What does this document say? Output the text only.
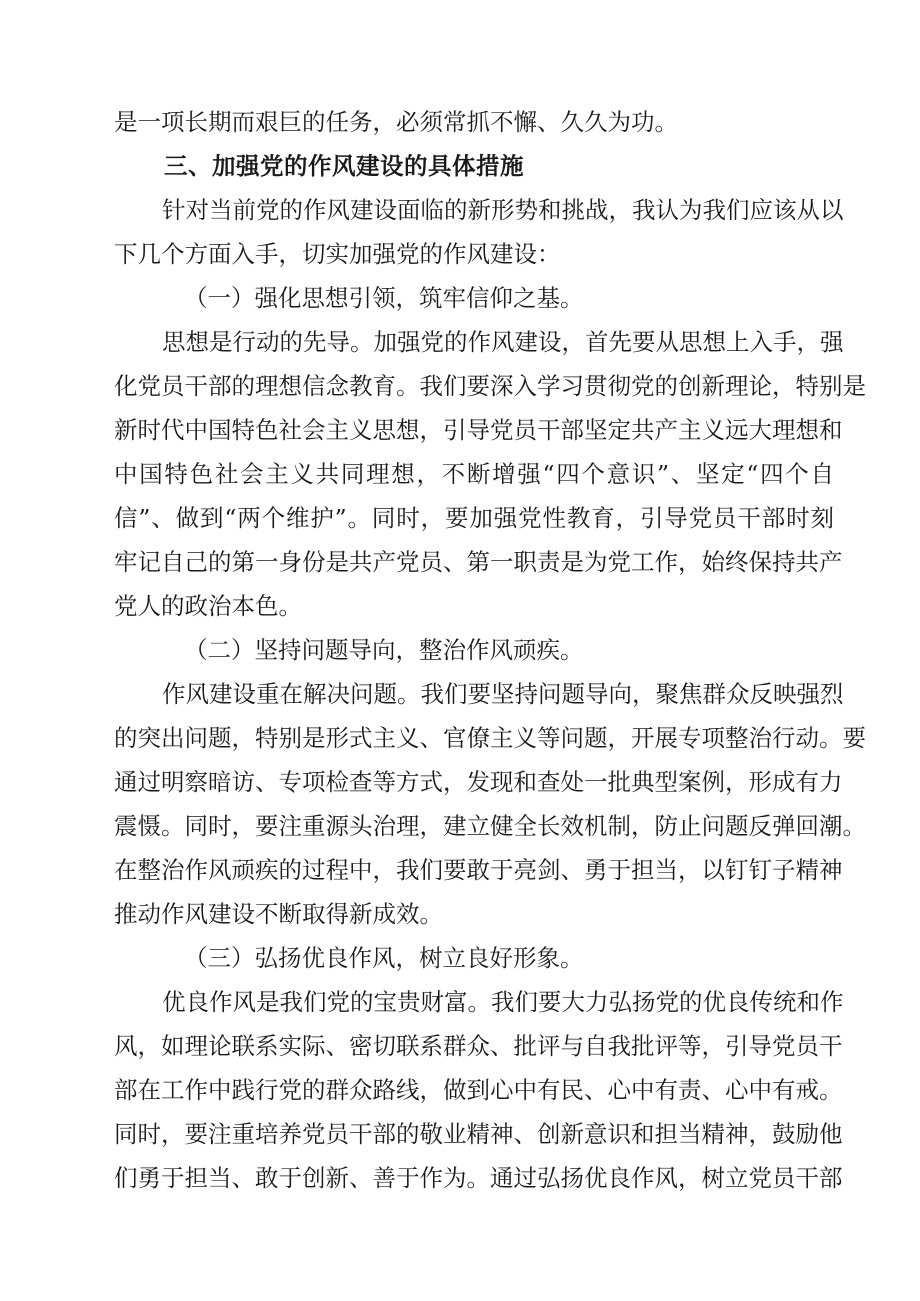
是一项长期而艰巨的任务，必须常抓不懈、久久为功。
三、加强党的作风建设的具体措施
针对当前党的作风建设面临的新形势和挑战，我认为我们应该从以
下几个方面入手，切实加强党的作风建设：
（一）强化思想引领，筑牢信仰之基。
思想是行动的先导。加强党的作风建设，首先要从思想上入手，强
化党员干部的理想信念教育。我们要深入学习贯彻党的创新理论，特别是
新时代中国特色社会主义思想，引导党员干部坚定共产主义远大理想和
中国特色社会主义共同理想，不断增强“四个意识”、坚定“四个自
信”、做到“两个维护”。同时，要加强党性教育，引导党员干部时刻
牢记自己的第一身份是共产党员、第一职责是为党工作，始终保持共产
党人的政治本色。
（二）坚持问题导向，整治作风顽疾。
作风建设重在解决问题。我们要坚持问题导向，聚焦群众反映强烈
的突出问题，特别是形式主义、官僚主义等问题，开展专项整治行动。要
通过明察暗访、专项检查等方式，发现和查处一批典型案例，形成有力
震慑。同时，要注重源头治理，建立健全长效机制，防止问题反弹回潮。
在整治作风顽疾的过程中，我们要敢于亮剑、勇于担当，以钉钉子精神
推动作风建设不断取得新成效。
（三）弘扬优良作风，树立良好形象。
优良作风是我们党的宝贵财富。我们要大力弘扬党的优良传统和作
风，如理论联系实际、密切联系群众、批评与自我批评等，引导党员干
部在工作中践行党的群众路线，做到心中有民、心中有责、心中有戒。
同时，要注重培养党员干部的敬业精神、创新意识和担当精神，鼓励他
们勇于担当、敢于创新、善于作为。通过弘扬优良作风，树立党员干部
